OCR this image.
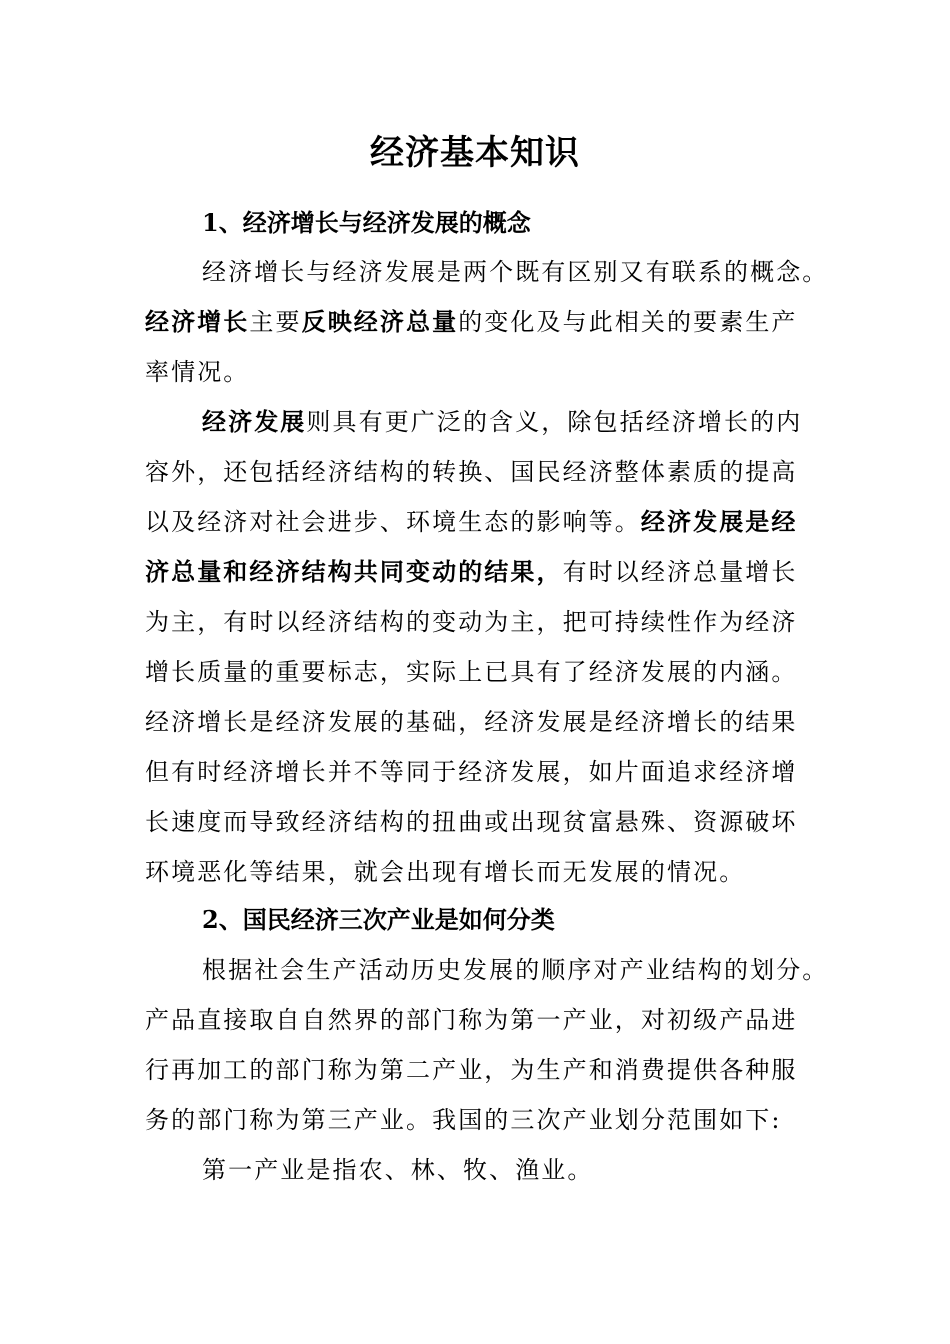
经济基本知识
1、经济增长与经济发展的概念
经济增长与经济发展是两个既有区别又有联系的概念。
经济增长主要反映经济总量的变化及与此相关的要素生产
率情况。
经济发展则具有更广泛的含义，除包括经济增长的内
容外，还包括经济结构的转换、国民经济整体素质的提高
以及经济对社会进步、环境生态的影响等。经济发展是经
济总量和经济结构共同变动的结果，有时以经济总量增长
为主，有时以经济结构的变动为主，把可持续性作为经济
增长质量的重要标志，实际上已具有了经济发展的内涵。
经济增长是经济发展的基础，经济发展是经济增长的结果
但有时经济增长并不等同于经济发展，如片面追求经济增
长速度而导致经济结构的扭曲或出现贫富悬殊、资源破坏
环境恶化等结果，就会出现有增长而无发展的情况。
2、国民经济三次产业是如何分类
根据社会生产活动历史发展的顺序对产业结构的划分。
产品直接取自自然界的部门称为第一产业，对初级产品进
行再加工的部门称为第二产业，为生产和消费提供各种服
务的部门称为第三产业。我国的三次产业划分范围如下:
第一产业是指农、林、牧、渔业。
